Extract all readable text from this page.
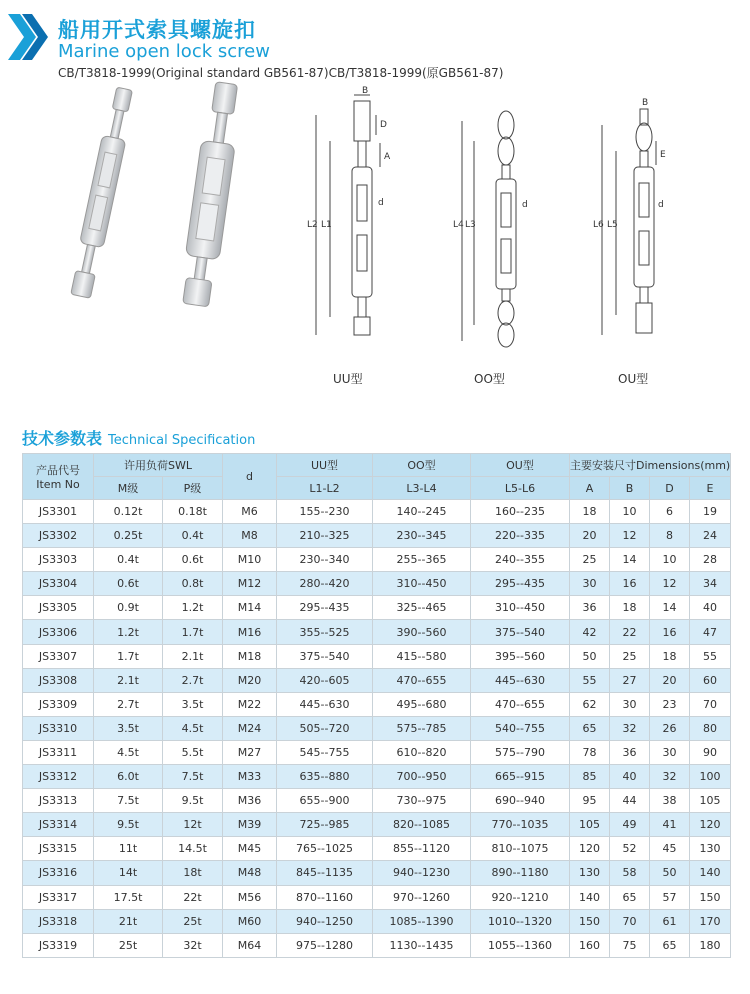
船用开式索具螺旋扣
Marine open lock screw
CB/T3818-1999(Original standard GB561-87)CB/T3818-1999(原GB561-87)
B
D
A
L2 L1
d
L4 L3
d
B
E
L6 L5
d
UU型	OO型	OU型
技术参数表 Technical Specification
产品代号
Item No	许用负荷SWL		d	UU型	OO型	OU型	主要安装尺寸Dimensions(mm)			
	M级	P级		L1-L2	L3-L4	L5-L6	A	B	D	E
JS3301	0.12t	0.18t	M6	155--230	140--245	160--235	18	10	6	19
JS3302	0.25t	0.4t	M8	210--325	230--345	220--335	20	12	8	24
JS3303	0.4t	0.6t	M10	230--340	255--365	240--355	25	14	10	28
JS3304	0.6t	0.8t	M12	280--420	310--450	295--435	30	16	12	34
JS3305	0.9t	1.2t	M14	295--435	325--465	310--450	36	18	14	40
JS3306	1.2t	1.7t	M16	355--525	390--560	375--540	42	22	16	47
JS3307	1.7t	2.1t	M18	375--540	415--580	395--560	50	25	18	55
JS3308	2.1t	2.7t	M20	420--605	470--655	445--630	55	27	20	60
JS3309	2.7t	3.5t	M22	445--630	495--680	470--655	62	30	23	70
JS3310	3.5t	4.5t	M24	505--720	575--785	540--755	65	32	26	80
JS3311	4.5t	5.5t	M27	545--755	610--820	575--790	78	36	30	90
JS3312	6.0t	7.5t	M33	635--880	700--950	665--915	85	40	32	100
JS3313	7.5t	9.5t	M36	655--900	730--975	690--940	95	44	38	105
JS3314	9.5t	12t	M39	725--985	820--1085	770--1035	105	49	41	120
JS3315	11t	14.5t	M45	765--1025	855--1120	810--1075	120	52	45	130
JS3316	14t	18t	M48	845--1135	940--1230	890--1180	130	58	50	140
JS3317	17.5t	22t	M56	870--1160	970--1260	920--1210	140	65	57	150
JS3318	21t	25t	M60	940--1250	1085--1390	1010--1320	150	70	61	170
JS3319	25t	32t	M64	975--1280	1130--1435	1055--1360	160	75	65	180
